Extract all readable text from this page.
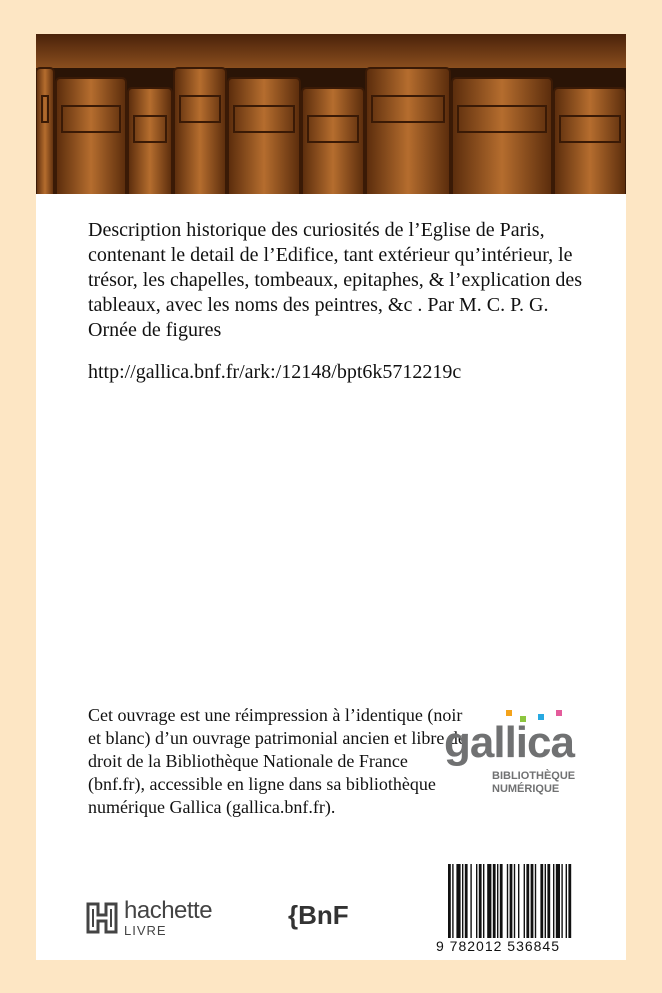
Description historique des curiosités de l’Eglise de Paris, contenant le detail de l’Edifice, tant extérieur qu’intérieur, le trésor, les chapelles, tombeaux, epitaphes, & l’explication des tableaux, avec les noms des peintres, &c . Par M. C. P. G. Ornée de figures

http://gallica.bnf.fr/ark:/12148/bpt6k5712219c
Cet ouvrage est une réimpression à l’identique (noir et blanc) d’un ouvrage patrimonial ancien et libre de droit de la Bibliothèque Nationale de France (bnf.fr), accessible en ligne dans sa bibliothèque numérique Gallica (gallica.bnf.fr).
gallica
BIBLIOTHÈQUE
NUMÉRIQUE
hachette
LIVRE
{BnF
9 782012 536845
